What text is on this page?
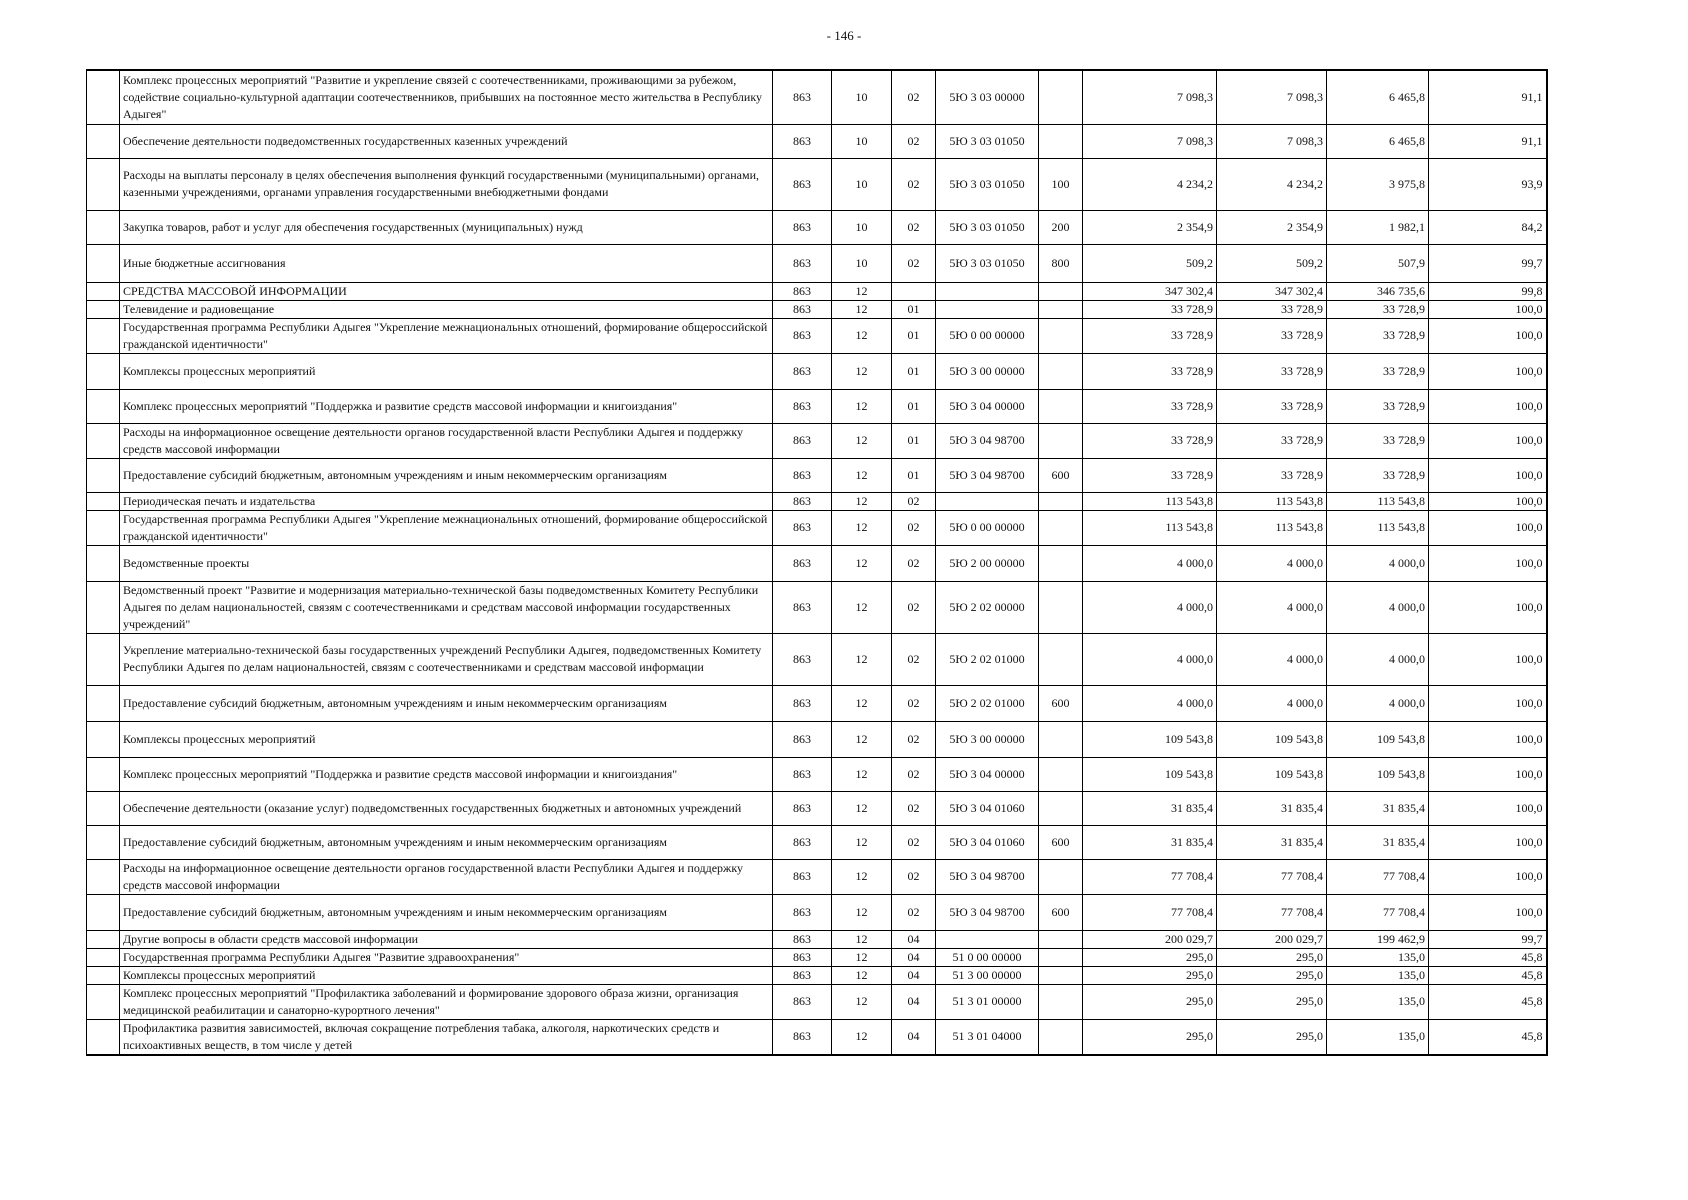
- 146 -
	Комплекс процессных мероприятий "Развитие и укрепление связей с соотечественниками, проживающими за рубежом, содействие социально-культурной адаптации соотечественников, прибывших на постоянное место жительства в Республику Адыгея"	863	10	02	5Ю 3 03 00000		7 098,3	7 098,3	6 465,8	91,1
	Обеспечение деятельности подведомственных государственных казенных учреждений	863	10	02	5Ю 3 03 01050		7 098,3	7 098,3	6 465,8	91,1
	Расходы на выплаты персоналу в целях обеспечения выполнения функций государственными (муниципальными) органами, казенными учреждениями, органами управления государственными внебюджетными фондами	863	10	02	5Ю 3 03 01050	100	4 234,2	4 234,2	3 975,8	93,9
	Закупка товаров, работ и услуг для обеспечения государственных (муниципальных) нужд	863	10	02	5Ю 3 03 01050	200	2 354,9	2 354,9	1 982,1	84,2
	Иные бюджетные ассигнования	863	10	02	5Ю 3 03 01050	800	509,2	509,2	507,9	99,7
	СРЕДСТВА МАССОВОЙ ИНФОРМАЦИИ	863	12				347 302,4	347 302,4	346 735,6	99,8
	Телевидение и радиовещание	863	12	01			33 728,9	33 728,9	33 728,9	100,0
	Государственная программа Республики Адыгея "Укрепление межнациональных отношений, формирование общероссийской гражданской идентичности"	863	12	01	5Ю 0 00 00000		33 728,9	33 728,9	33 728,9	100,0
	Комплексы процессных мероприятий	863	12	01	5Ю 3 00 00000		33 728,9	33 728,9	33 728,9	100,0
	Комплекс процессных мероприятий "Поддержка и развитие средств массовой информации и книгоиздания"	863	12	01	5Ю 3 04 00000		33 728,9	33 728,9	33 728,9	100,0
	Расходы на информационное освещение деятельности органов государственной власти Республики Адыгея и поддержку средств массовой информации	863	12	01	5Ю 3 04 98700		33 728,9	33 728,9	33 728,9	100,0
	Предоставление субсидий бюджетным, автономным учреждениям и иным некоммерческим организациям	863	12	01	5Ю 3 04 98700	600	33 728,9	33 728,9	33 728,9	100,0
	Периодическая печать и издательства	863	12	02			113 543,8	113 543,8	113 543,8	100,0
	Государственная программа Республики Адыгея "Укрепление межнациональных отношений, формирование общероссийской гражданской идентичности"	863	12	02	5Ю 0 00 00000		113 543,8	113 543,8	113 543,8	100,0
	Ведомственные проекты	863	12	02	5Ю 2 00 00000		4 000,0	4 000,0	4 000,0	100,0
	Ведомственный проект "Развитие и модернизация материально-технической базы подведомственных Комитету Республики Адыгея по делам национальностей, связям с соотечественниками и средствам массовой информации государственных учреждений"	863	12	02	5Ю 2 02 00000		4 000,0	4 000,0	4 000,0	100,0
	Укрепление материально-технической базы государственных учреждений Республики Адыгея, подведомственных Комитету Республики Адыгея по делам национальностей, связям с соотечественниками и средствам массовой информации	863	12	02	5Ю 2 02 01000		4 000,0	4 000,0	4 000,0	100,0
	Предоставление субсидий бюджетным, автономным учреждениям и иным некоммерческим организациям	863	12	02	5Ю 2 02 01000	600	4 000,0	4 000,0	4 000,0	100,0
	Комплексы процессных мероприятий	863	12	02	5Ю 3 00 00000		109 543,8	109 543,8	109 543,8	100,0
	Комплекс процессных мероприятий "Поддержка и развитие средств массовой информации и книгоиздания"	863	12	02	5Ю 3 04 00000		109 543,8	109 543,8	109 543,8	100,0
	Обеспечение деятельности (оказание услуг) подведомственных государственных бюджетных и автономных учреждений	863	12	02	5Ю 3 04 01060		31 835,4	31 835,4	31 835,4	100,0
	Предоставление субсидий бюджетным, автономным учреждениям и иным некоммерческим организациям	863	12	02	5Ю 3 04 01060	600	31 835,4	31 835,4	31 835,4	100,0
	Расходы на информационное освещение деятельности органов государственной власти Республики Адыгея и поддержку средств массовой информации	863	12	02	5Ю 3 04 98700		77 708,4	77 708,4	77 708,4	100,0
	Предоставление субсидий бюджетным, автономным учреждениям и иным некоммерческим организациям	863	12	02	5Ю 3 04 98700	600	77 708,4	77 708,4	77 708,4	100,0
	Другие вопросы в области средств массовой информации	863	12	04			200 029,7	200 029,7	199 462,9	99,7
	Государственная программа Республики Адыгея "Развитие здравоохранения"	863	12	04	51 0 00 00000		295,0	295,0	135,0	45,8
	Комплексы процессных мероприятий	863	12	04	51 3 00 00000		295,0	295,0	135,0	45,8
	Комплекс процессных мероприятий "Профилактика заболеваний и формирование здорового образа жизни, организация медицинской реабилитации и санаторно-курортного лечения"	863	12	04	51 3 01 00000		295,0	295,0	135,0	45,8
	Профилактика развития зависимостей, включая сокращение потребления табака, алкоголя, наркотических средств и психоактивных веществ, в том числе у детей	863	12	04	51 3 01 04000		295,0	295,0	135,0	45,8
